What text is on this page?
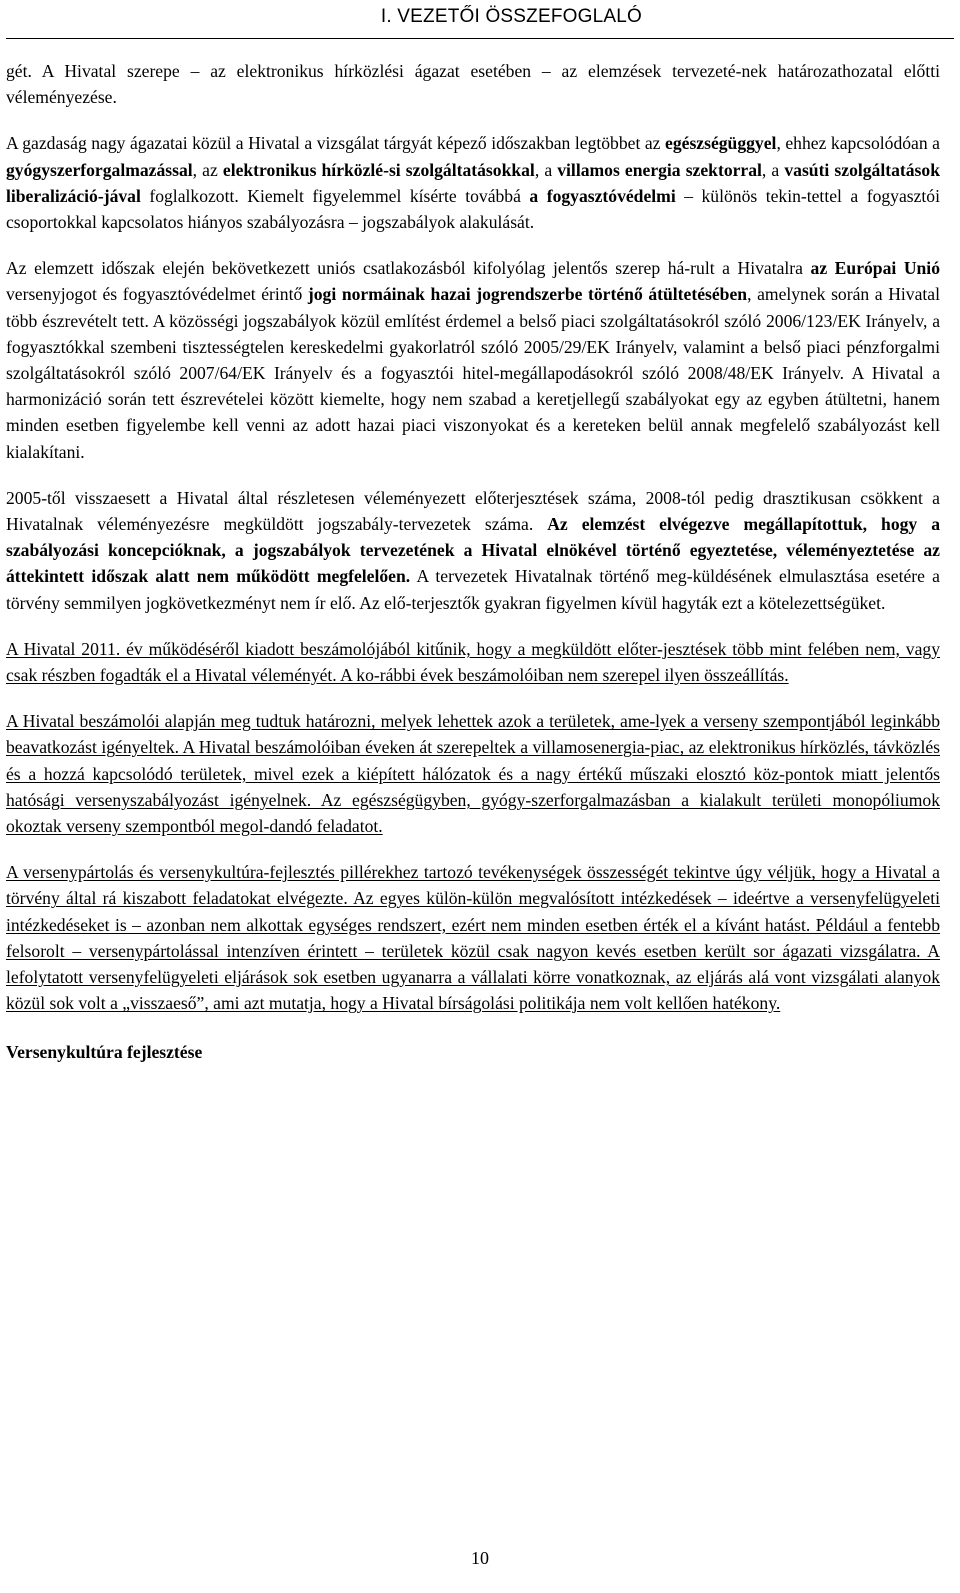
I. VEZETŐI ÖSSZEFOGLALÓ

gét. A Hivatal szerepe – az elektronikus hírközlési ágazat esetében – az elemzések tervezeté-nek határozathozatal előtti véleményezése.

A gazdaság nagy ágazatai közül a Hivatal a vizsgálat tárgyát képező időszakban legtöbbet az egészségüggyel, ehhez kapcsolódóan a gyógyszerforgalmazással, az elektronikus hírközlé-si szolgáltatásokkal, a villamos energia szektorral, a vasúti szolgáltatások liberalizáció-jával foglalkozott. Kiemelt figyelemmel kísérte továbbá a fogyasztóvédelmi – különös tekin-tettel a fogyasztói csoportokkal kapcsolatos hiányos szabályozásra – jogszabályok alakulását.

Az elemzett időszak elején bekövetkezett uniós csatlakozásból kifolyólag jelentős szerep há-rult a Hivatalra az Európai Unió versenyjogot és fogyasztóvédelmet érintő jogi normáinak hazai jogrendszerbe történő átültetésében, amelynek során a Hivatal több észrevételt tett. A közösségi jogszabályok közül említést érdemel a belső piaci szolgáltatásokról szóló 2006/123/EK Irányelv, a fogyasztókkal szembeni tisztességtelen kereskedelmi gyakorlatról szóló 2005/29/EK Irányelv, valamint a belső piaci pénzforgalmi szolgáltatásokról szóló 2007/64/EK Irányelv és a fogyasztói hitel-megállapodásokról szóló 2008/48/EK Irányelv. A Hivatal a harmonizáció során tett észrevételei között kiemelte, hogy nem szabad a keretjellegű szabályokat egy az egyben átültetni, hanem minden esetben figyelembe kell venni az adott hazai piaci viszonyokat és a kereteken belül annak megfelelő szabályozást kell kialakítani.

2005-től visszaesett a Hivatal által részletesen véleményezett előterjesztések száma, 2008-tól pedig drasztikusan csökkent a Hivatalnak véleményezésre megküldött jogszabály-tervezetek száma. Az elemzést elvégezve megállapítottuk, hogy a szabályozási koncepcióknak, a jogszabályok tervezetének a Hivatal elnökével történő egyeztetése, véleményeztetése az áttekintett időszak alatt nem működött megfelelően. A tervezetek Hivatalnak történő meg-küldésének elmulasztása esetére a törvény semmilyen jogkövetkezményt nem ír elő. Az elő-terjesztők gyakran figyelmen kívül hagyták ezt a kötelezettségüket.

A Hivatal 2011. év működéséről kiadott beszámolójából kitűnik, hogy a megküldött előter-jesztések több mint felében nem, vagy csak részben fogadták el a Hivatal véleményét. A ko-rábbi évek beszámolóiban nem szerepel ilyen összeállítás.

A Hivatal beszámolói alapján meg tudtuk határozni, melyek lehettek azok a területek, ame-lyek a verseny szempontjából leginkább beavatkozást igényeltek. A Hivatal beszámolóiban éveken át szerepeltek a villamosenergia-piac, az elektronikus hírközlés, távközlés és a hozzá kapcsolódó területek, mivel ezek a kiépített hálózatok és a nagy értékű műszaki elosztó köz-pontok miatt jelentős hatósági versenyszabályozást igényelnek. Az egészségügyben, gyógy-szerforgalmazásban a kialakult területi monopóliumok okoztak verseny szempontból megol-dandó feladatot.

A versenypártolás és versenykultúra-fejlesztés pillérekhez tartozó tevékenységek összességét tekintve úgy véljük, hogy a Hivatal a törvény által rá kiszabott feladatokat elvégezte. Az egyes külön-külön megvalósított intézkedések – ideértve a versenyfelügyeleti intézkedéseket is – azonban nem alkottak egységes rendszert, ezért nem minden esetben érték el a kívánt hatást. Például a fentebb felsorolt – versenypártolással intenzíven érintett – területek közül csak nagyon kevés esetben került sor ágazati vizsgálatra. A lefolytatott versenyfelügyeleti eljárások sok esetben ugyanarra a vállalati körre vonatkoznak, az eljárás alá vont vizsgálati alanyok közül sok volt a „visszaeső”, ami azt mutatja, hogy a Hivatal bírságolási politikája nem volt kellően hatékony.

Versenykultúra fejlesztése

10
